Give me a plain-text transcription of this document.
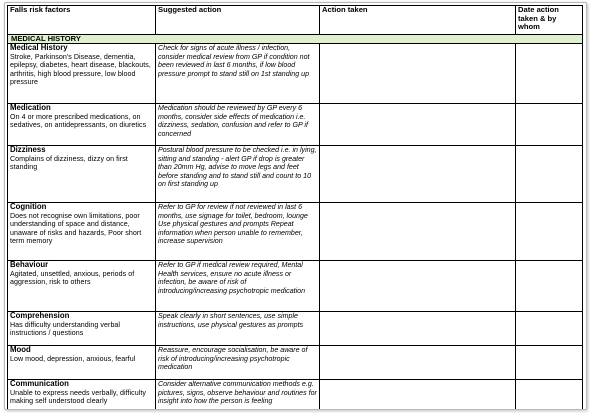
Falls risk factors	Suggested action	Action taken	Date action taken & by whom
MEDICAL HISTORY			

Medical History
Stroke, Parkinson's Disease, dementia, epilepsy, diabetes, heart disease, blackouts, arthritis, high blood pressure, low blood pressure	Check for signs of acute illness / infection, consider medical review from GP if condition not been reviewed in last 6 months, if low blood pressure prompt to stand still on 1st standing up		

Medication
On 4 or more prescribed medications, on sedatives, on antidepressants, on diuretics	Medication should be reviewed by GP every 6 months, consider side effects of medication i.e. dizziness, sedation, confusion and refer to GP if concerned		

Dizziness
Complains of dizziness, dizzy on first standing	Postural blood pressure to be checked i.e. in lying, sitting and standing - alert GP if drop is greater than 20mm Hg, advise to move legs and feet before standing and to stand still and count to 10 on first standing up		

Cognition
Does not recognise own limitations, poor understanding of space and distance, unaware of risks and hazards, Poor short term memory	Refer to GP for review if not reviewed in last 6 months, use signage for toilet, bedroom, lounge Use physical gestures and prompts Repeat information when person unable to remember, increase supervision		

Behaviour
Agitated, unsettled, anxious, periods of aggression, risk to others	Refer to GP if medical review required, Mental Health services, ensure no acute illness or infection, be aware of risk of introducing/increasing psychotropic medication		

Comprehension
Has difficulty understanding verbal instructions / questions	Speak clearly in short sentences, use simple instructions, use physical gestures as prompts		

Mood
Low mood, depression, anxious, fearful	Reassure, encourage socialisation, be aware of risk of introducing/increasing psychotropic medication		

Communication
Unable to express needs verbally, difficulty making self understood clearly	Consider alternative communication methods e.g. pictures, signs, observe behaviour and routines for insight into how the person is feeling		
